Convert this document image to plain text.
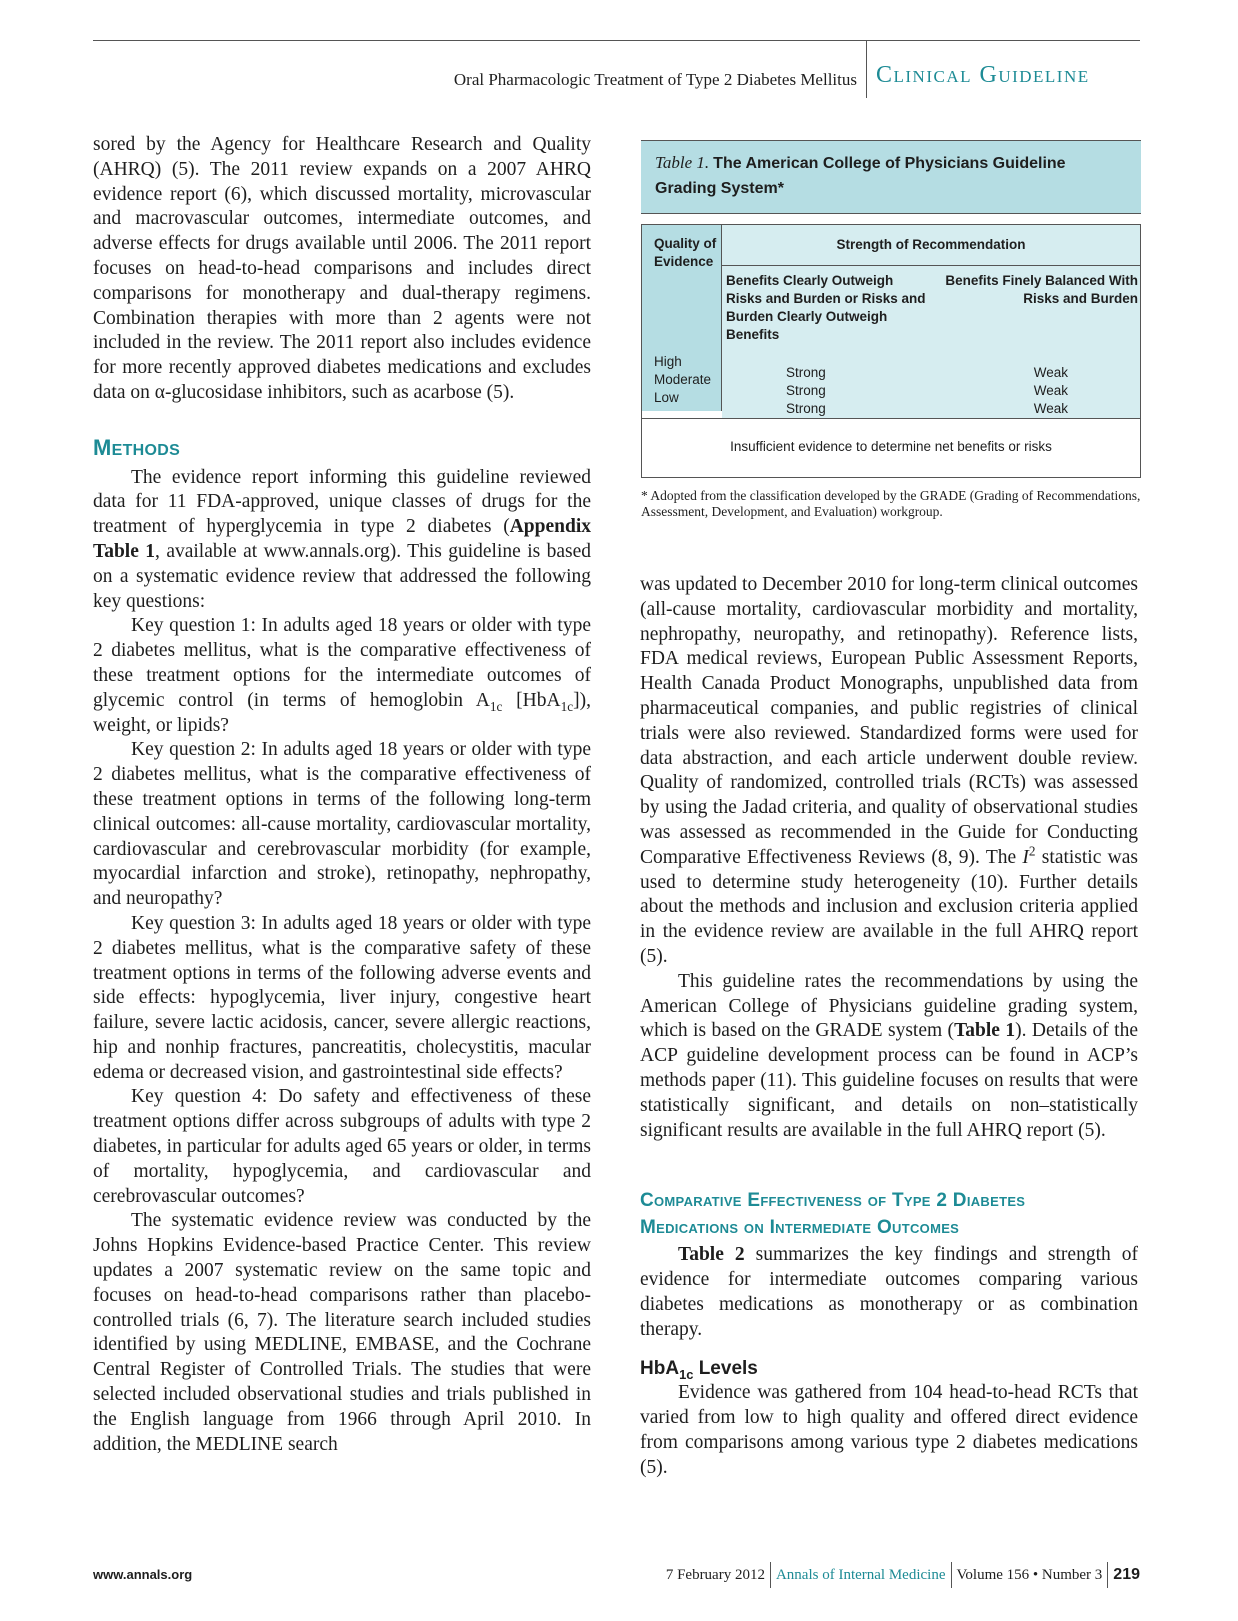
Oral Pharmacologic Treatment of Type 2 Diabetes Mellitus Clinical Guideline

sored by the Agency for Healthcare Research and Quality (AHRQ) (5). The 2011 review expands on a 2007 AHRQ evidence report (6), which discussed mortality, microvascular and macrovascular outcomes, intermediate outcomes, and adverse effects for drugs available until 2006. The 2011 report focuses on head-to-head comparisons and includes direct comparisons for monotherapy and dual-therapy regimens. Combination therapies with more than 2 agents were not included in the review. The 2011 report also includes evidence for more recently approved diabetes medications and excludes data on α-glucosidase inhibitors, such as acarbose (5).

METHODS

The evidence report informing this guideline reviewed data for 11 FDA-approved, unique classes of drugs for the treatment of hyperglycemia in type 2 diabetes (Appendix Table 1, available at www.annals.org). This guideline is based on a systematic evidence review that addressed the following key questions:

Key question 1: In adults aged 18 years or older with type 2 diabetes mellitus, what is the comparative effectiveness of these treatment options for the intermediate outcomes of glycemic control (in terms of hemoglobin $A_{1c}$ [HbA$_{1c}$]), weight, or lipids?

Key question 2: In adults aged 18 years or older with type 2 diabetes mellitus, what is the comparative effectiveness of these treatment options in terms of the following long-term clinical outcomes: all-cause mortality, cardiovascular mortality, cardiovascular and cerebrovascular morbidity (for example, myocardial infarction and stroke), retinopathy, nephropathy, and neuropathy?

Key question 3: In adults aged 18 years or older with type 2 diabetes mellitus, what is the comparative safety of these treatment options in terms of the following adverse events and side effects: hypoglycemia, liver injury, congestive heart failure, severe lactic acidosis, cancer, severe allergic reactions, hip and nonhip fractures, pancreatitis, cholecystitis, macular edema or decreased vision, and gastrointestinal side effects?

Key question 4: Do safety and effectiveness of these treatment options differ across subgroups of adults with type 2 diabetes, in particular for adults aged 65 years or older, in terms of mortality, hypoglycemia, and cardiovascular and cerebrovascular outcomes?

The systematic evidence review was conducted by the Johns Hopkins Evidence-based Practice Center. This review updates a 2007 systematic review on the same topic and focuses on head-to-head comparisons rather than placebo-controlled trials (6, 7). The literature search included studies identified by using MEDLINE, EMBASE, and the Cochrane Central Register of Controlled Trials. The studies that were selected included observational studies and trials published in the English language from 1966 through April 2010. In addition, the MEDLINE search

Table 1. The American College of Physicians Guideline Grading System*
Quality of Evidence
High
Moderate
Low
Strength of Recommendation
Benefits Clearly Outweigh Risks and Burden or Risks and Burden Clearly Outweigh Benefits
Benefits Finely Balanced With Risks and Burden
Strong
Strong
Strong
Weak
Weak
Weak
Insufficient evidence to determine net benefits or risks
* Adopted from the classification developed by the GRADE (Grading of Recommendations, Assessment, Development, and Evaluation) workgroup.

was updated to December 2010 for long-term clinical outcomes (all-cause mortality, cardiovascular morbidity and mortality, nephropathy, neuropathy, and retinopathy). Reference lists, FDA medical reviews, European Public Assessment Reports, Health Canada Product Monographs, unpublished data from pharmaceutical companies, and public registries of clinical trials were also reviewed. Standardized forms were used for data abstraction, and each article underwent double review. Quality of randomized, controlled trials (RCTs) was assessed by using the Jadad criteria, and quality of observational studies was assessed as recommended in the Guide for Conducting Comparative Effectiveness Reviews (8, 9). The $I^2$ statistic was used to determine study heterogeneity (10). Further details about the methods and inclusion and exclusion criteria applied in the evidence review are available in the full AHRQ report (5).

This guideline rates the recommendations by using the American College of Physicians guideline grading system, which is based on the GRADE system (Table 1). Details of the ACP guideline development process can be found in ACP’s methods paper (11). This guideline focuses on results that were statistically significant, and details on non–statistically significant results are available in the full AHRQ report (5).

Comparative Effectiveness of Type 2 Diabetes
Medications on Intermediate Outcomes

Table 2 summarizes the key findings and strength of evidence for intermediate outcomes comparing various diabetes medications as monotherapy or as combination therapy.

HbA$_{1c}$ Levels

Evidence was gathered from 104 head-to-head RCTs that varied from low to high quality and offered direct evidence from comparisons among various type 2 diabetes medications (5).

www.annals.org	7 February 2012 Annals of Internal Medicine Volume 156 • Number 3 219
